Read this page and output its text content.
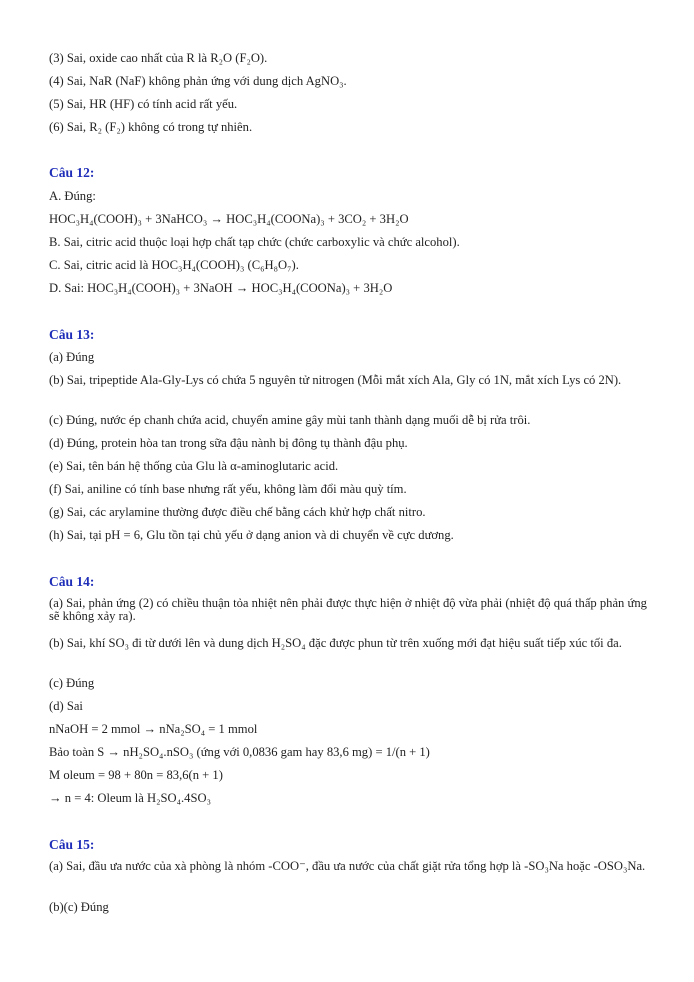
(3) Sai, oxide cao nhất của R là R₂O (F₂O).
(4) Sai, NaR (NaF) không phản ứng với dung dịch AgNO₃.
(5) Sai, HR (HF) có tính acid rất yếu.
(6) Sai, R₂ (F₂) không có trong tự nhiên.
Câu 12:
A. Đúng:
HOC₃H₄(COOH)₃ + 3NaHCO₃ → HOC₃H₄(COONa)₃ + 3CO₂ + 3H₂O
B. Sai, citric acid thuộc loại hợp chất tạp chức (chức carboxylic và chức alcohol).
C. Sai, citric acid là HOC₃H₄(COOH)₃ (C₆H₈O₇).
D. Sai: HOC₃H₄(COOH)₃ + 3NaOH → HOC₃H₄(COONa)₃ + 3H₂O
Câu 13:
(a) Đúng
(b) Sai, tripeptide Ala-Gly-Lys có chứa 5 nguyên tử nitrogen (Mỗi mắt xích Ala, Gly có 1N, mắt xích Lys có 2N).
(c) Đúng, nước ép chanh chứa acid, chuyển amine gây mùi tanh thành dạng muối dễ bị rửa trôi.
(d) Đúng, protein hòa tan trong sữa đậu nành bị đông tụ thành đậu phụ.
(e) Sai, tên bán hệ thống của Glu là α-aminoglutaric acid.
(f) Sai, aniline có tính base nhưng rất yếu, không làm đổi màu quỳ tím.
(g) Sai, các arylamine thường được điều chế bằng cách khử hợp chất nitro.
(h) Sai, tại pH = 6, Glu tồn tại chủ yếu ở dạng anion và di chuyển về cực dương.
Câu 14:
(a) Sai, phản ứng (2) có chiều thuận tỏa nhiệt nên phải được thực hiện ở nhiệt độ vừa phải (nhiệt độ quá thấp phản ứng sẽ không xảy ra).
(b) Sai, khí SO₃ đi từ dưới lên và dung dịch H₂SO₄ đặc được phun từ trên xuống mới đạt hiệu suất tiếp xúc tối đa.
(c) Đúng
(d) Sai
nNaOH = 2 mmol → nNa₂SO₄ = 1 mmol
Bảo toàn S → nH₂SO₄.nSO₃ (ứng với 0,0836 gam hay 83,6 mg) = 1/(n + 1)
M oleum = 98 + 80n = 83,6(n + 1)
→ n = 4: Oleum là H₂SO₄.4SO₃
Câu 15:
(a) Sai, đầu ưa nước của xà phòng là nhóm -COO⁻, đầu ưa nước của chất giặt rửa tổng hợp là -SO₃Na hoặc -OSO₃Na.
(b)(c) Đúng
